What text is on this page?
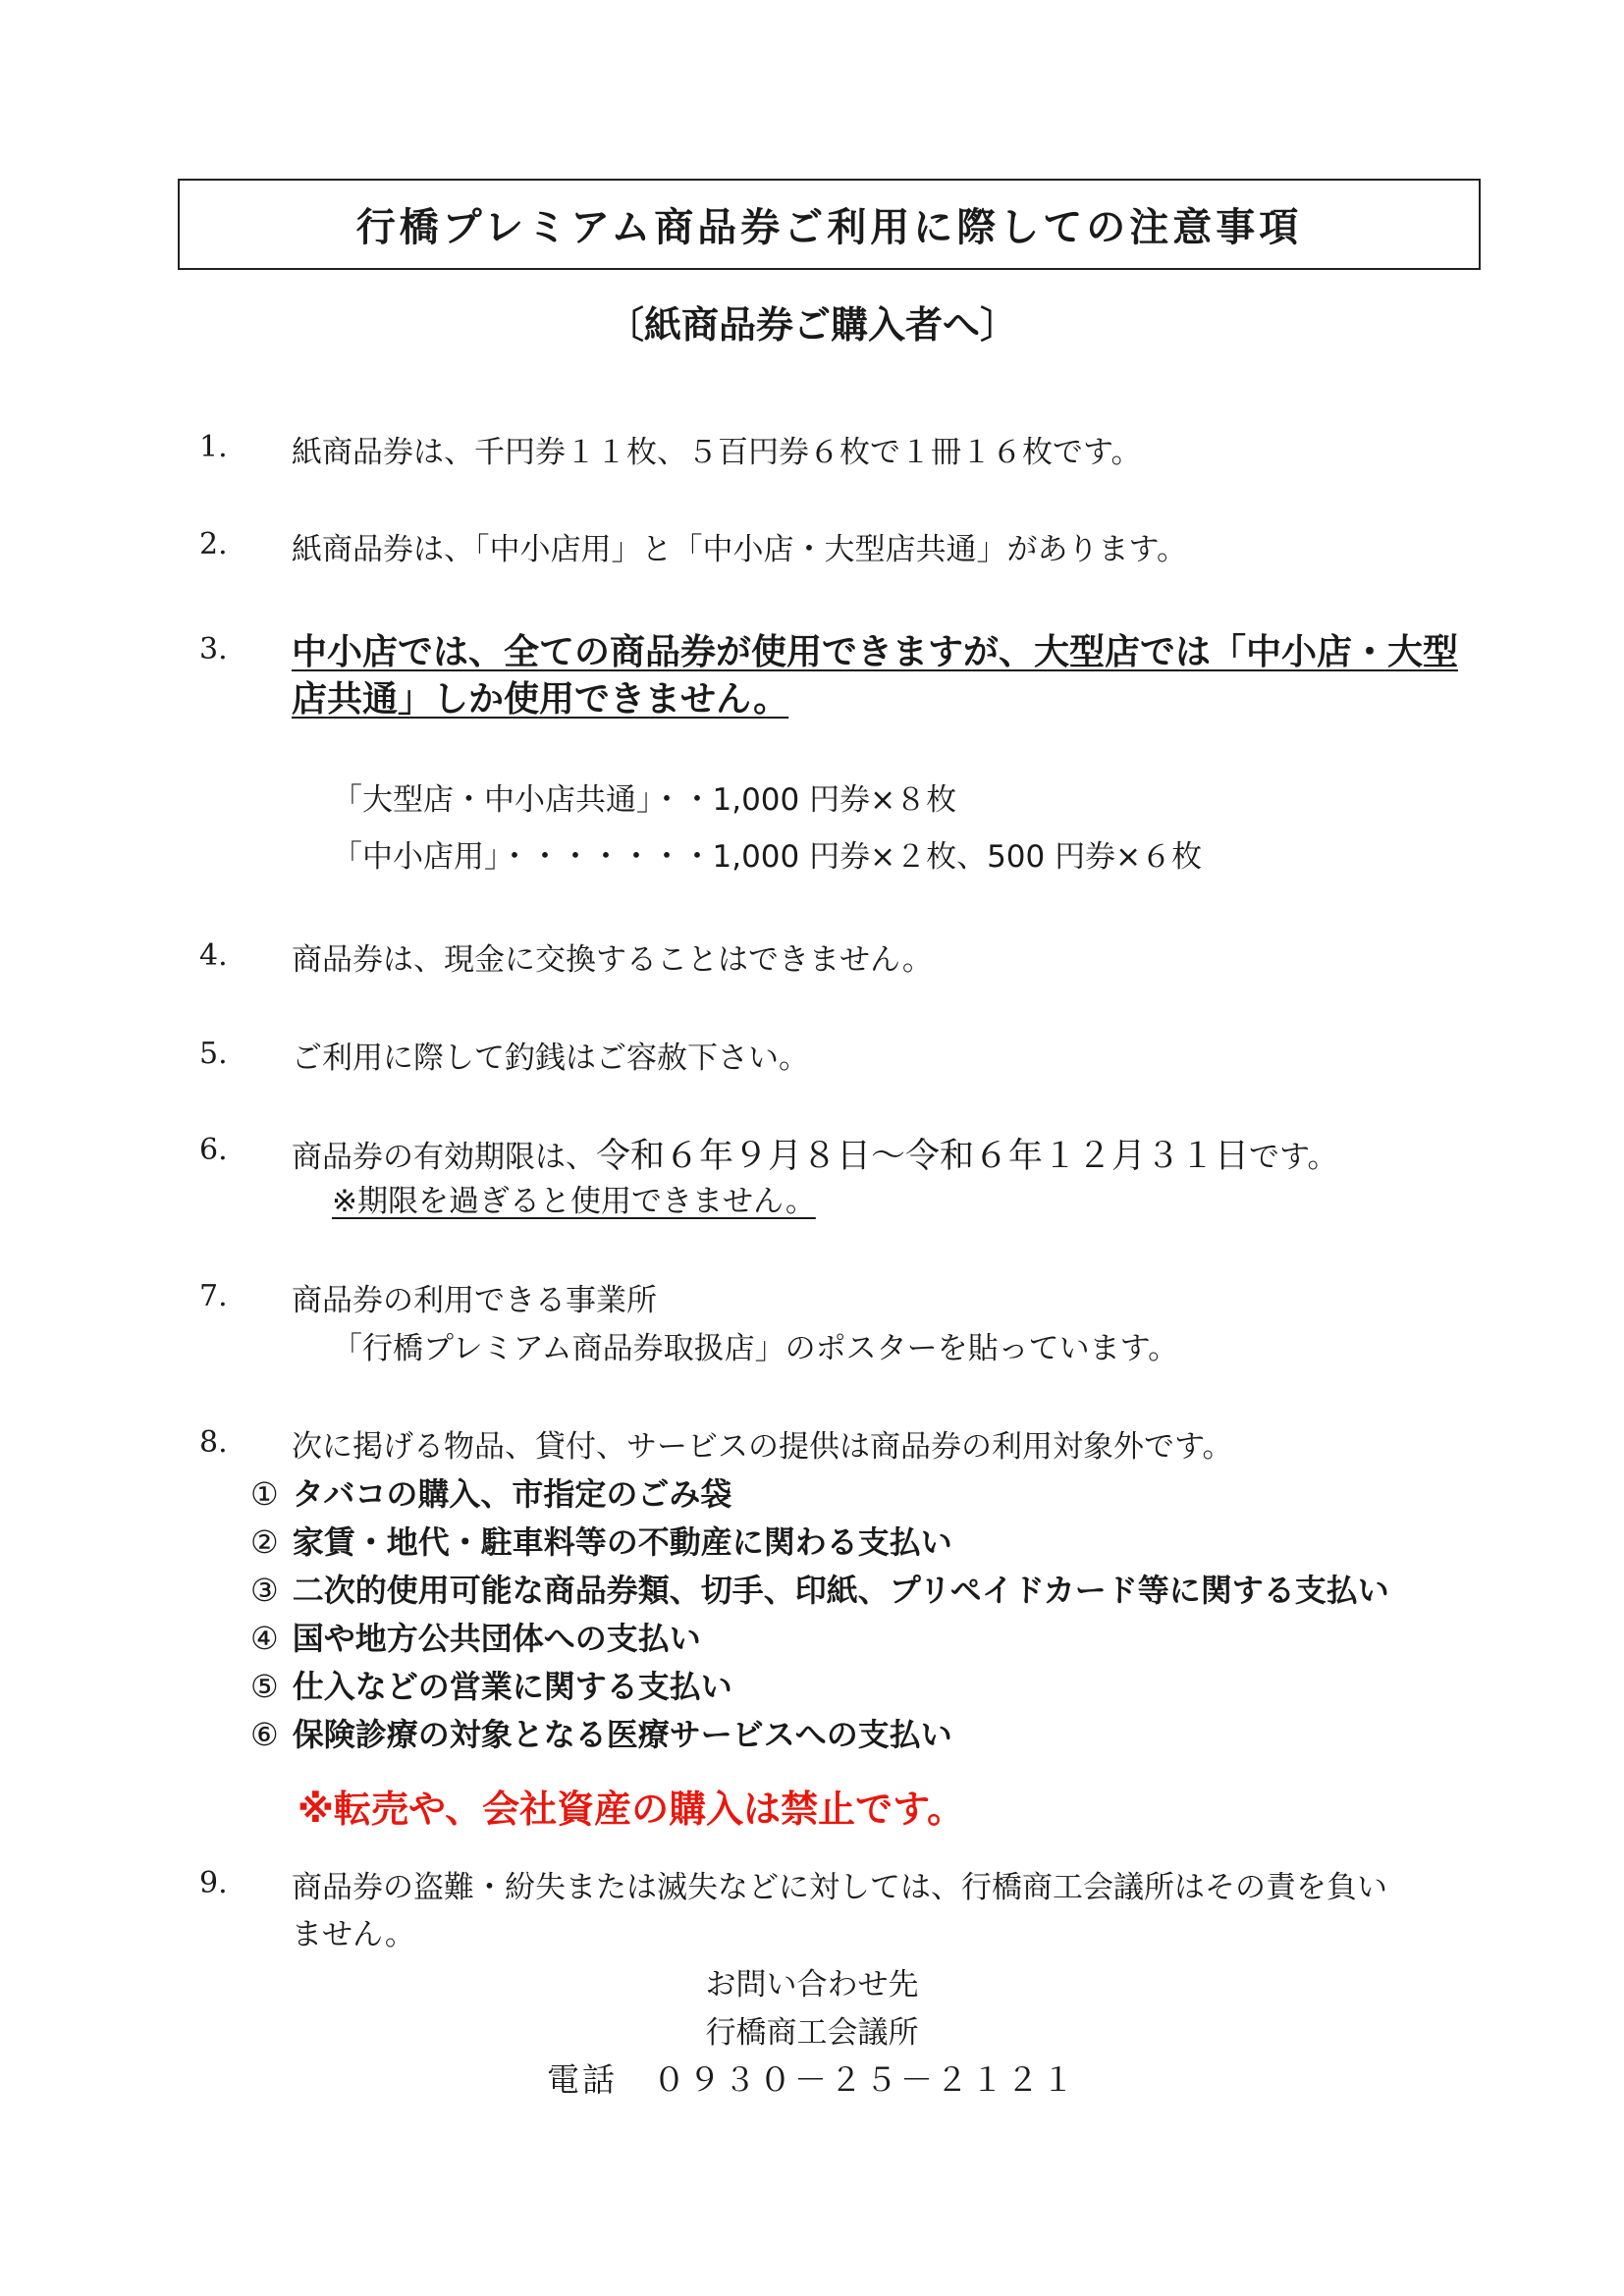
行橋プレミアム商品券ご利用に際しての注意事項
〔紙商品券ご購入者へ〕
1. 紙商品券は、千円券１１枚、５百円券６枚で１冊１６枚です。
2. 紙商品券は、「中小店用」と「中小店・大型店共通」があります。
3. 中小店では、全ての商品券が使用できますが、大型店では「中小店・大型
店共通」しか使用できません。
「大型店・中小店共通」・・1,000 円券×８枚
「中小店用」・・・・・・・1,000 円券×２枚、500 円券×６枚
4. 商品券は、現金に交換することはできません。
5. ご利用に際して釣銭はご容赦下さい。
6. 商品券の有効期限は、令和６年９月８日～令和６年１２月３１日です。
※期限を過ぎると使用できません。
7. 商品券の利用できる事業所
「行橋プレミアム商品券取扱店」のポスターを貼っています。
8. 次に掲げる物品、貸付、サービスの提供は商品券の利用対象外です。
① タバコの購入、市指定のごみ袋
② 家賃・地代・駐車料等の不動産に関わる支払い
③ 二次的使用可能な商品券類、切手、印紙、プリペイドカード等に関する支払い
④ 国や地方公共団体への支払い
⑤ 仕入などの営業に関する支払い
⑥ 保険診療の対象となる医療サービスへの支払い
※転売や、会社資産の購入は禁止です。
9. 商品券の盗難・紛失または滅失などに対しては、行橋商工会議所はその責を負い
ません。
お問い合わせ先
行橋商工会議所
電話　０９３０－２５－２１２１
